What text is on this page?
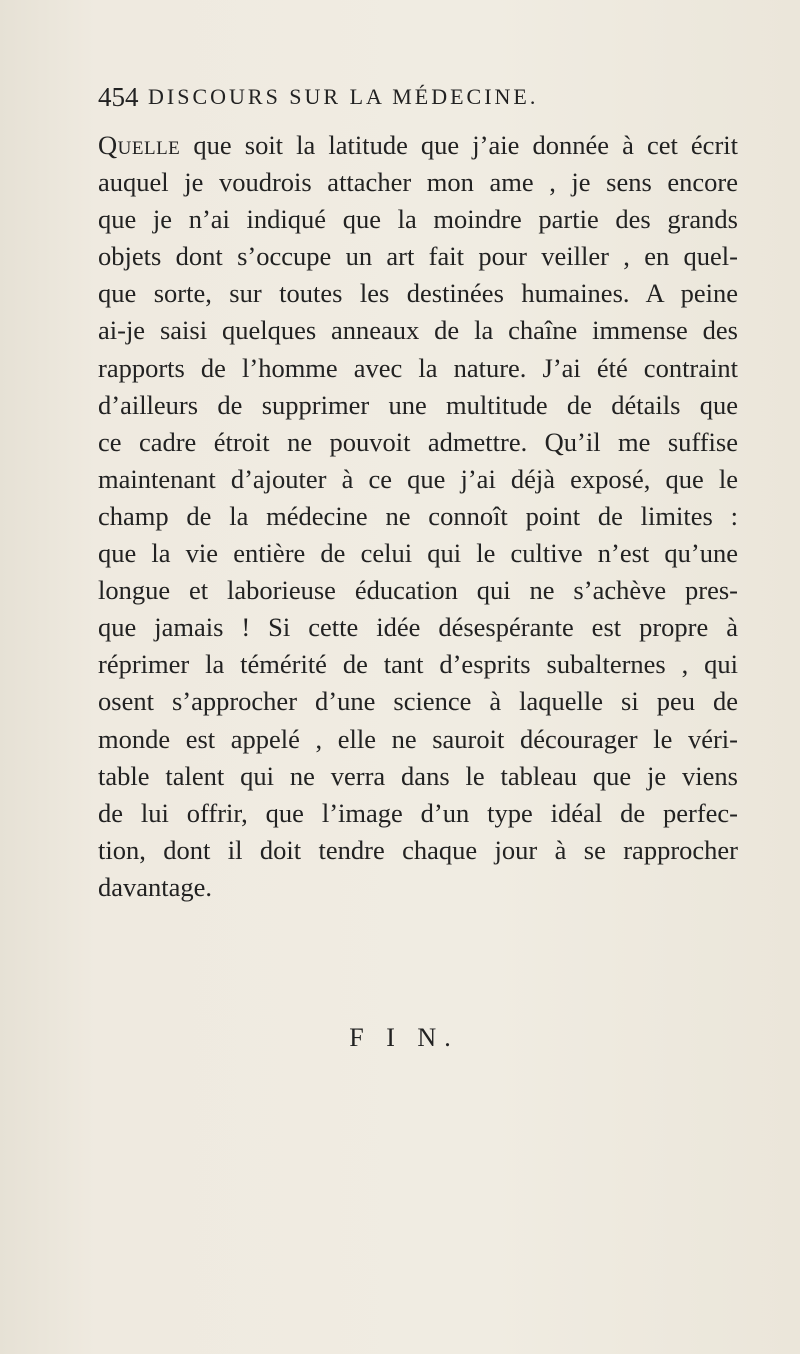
454 DISCOURS SUR LA MÉDECINE.
Quelle que soit la latitude que j’aie donnée à cet écrit
auquel je voudrois attacher mon ame , je sens encore
que je n’ai indiqué que la moindre partie des grands
objets dont s’occupe un art fait pour veiller , en quel-
que sorte, sur toutes les destinées humaines. A peine
ai-je saisi quelques anneaux de la chaîne immense des
rapports de l’homme avec la nature. J’ai été contraint
d’ailleurs de supprimer une multitude de détails que
ce cadre étroit ne pouvoit admettre. Qu’il me suffise
maintenant d’ajouter à ce que j’ai déjà exposé, que le
champ de la médecine ne connoît point de limites :
que la vie entière de celui qui le cultive n’est qu’une
longue et laborieuse éducation qui ne s’achève pres-
que jamais ! Si cette idée désespérante est propre à
réprimer la témérité de tant d’esprits subalternes , qui
osent s’approcher d’une science à laquelle si peu de
monde est appelé , elle ne sauroit décourager le véri-
table talent qui ne verra dans le tableau que je viens
de lui offrir, que l’image d’un type idéal de perfec-
tion, dont il doit tendre chaque jour à se rapprocher
davantage.
F I N.
